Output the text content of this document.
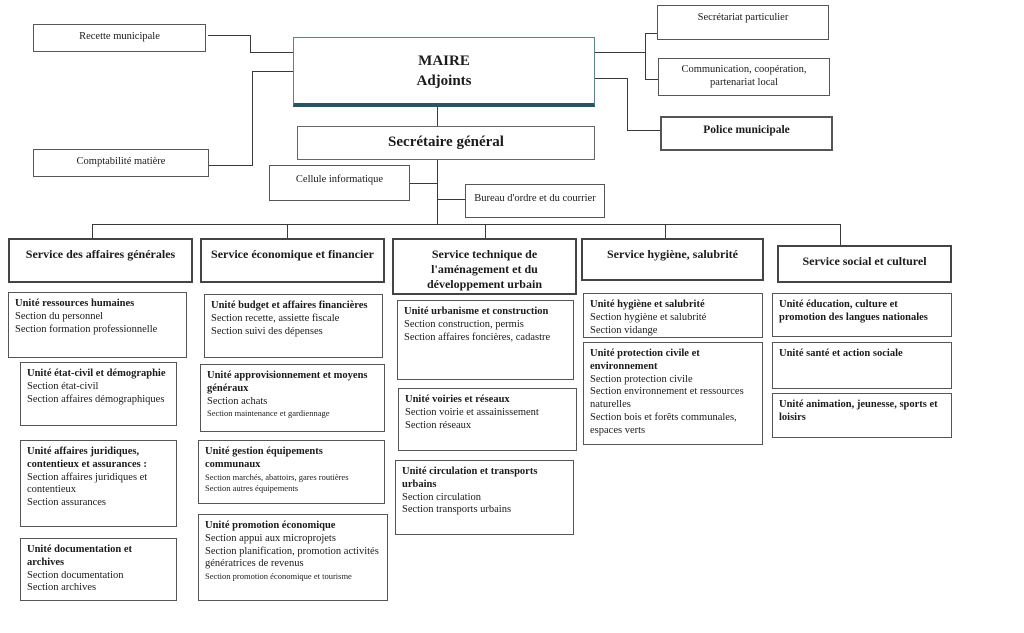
Recette municipale
Comptabilité matière
Secrétariat particulier
Communication, coopération, partenariat local
Police municipale
MAIRE
Adjoints
Secrétaire général
Cellule informatique
Bureau d'ordre et du courrier
Service des affaires générales	Service économique et financier	Service technique de l'aménagement et du développement urbain
Service hygiène, salubrité	Service social et culturel
Unité ressources humaines
Section du personnel
Section formation professionnelle
Unité état-civil et démographie
Section état-civil
Section affaires démographiques
Unité affaires juridiques, contentieux et assurances :
Section affaires juridiques et contentieux
Section assurances
Unité documentation et archives
Section documentation
Section archives
Unité budget et affaires financières
Section recette, assiette fiscale
Section suivi des dépenses
Unité approvisionnement et moyens généraux
Section achats
Section maintenance et gardiennage
Unité gestion équipements communaux
Section marchés, abattoirs, gares routières
Section autres équipements
Unité promotion économique
Section appui aux microprojets
Section planification, promotion activités génératrices de revenus
Section promotion économique et tourisme
Unité urbanisme et construction
Section construction, permis
Section affaires foncières, cadastre
Unité voiries et réseaux
Section voirie et assainissement
Section réseaux
Unité circulation et transports urbains
Section circulation
Section transports urbains
Unité hygiène et salubrité
Section hygiène et salubrité
Section vidange
Unité protection civile et environnement
Section protection civile
Section environnement et ressources naturelles
Section bois et forêts communales, espaces verts
Unité éducation, culture et promotion des langues nationales
Unité santé et action sociale
Unité animation, jeunesse, sports et loisirs
